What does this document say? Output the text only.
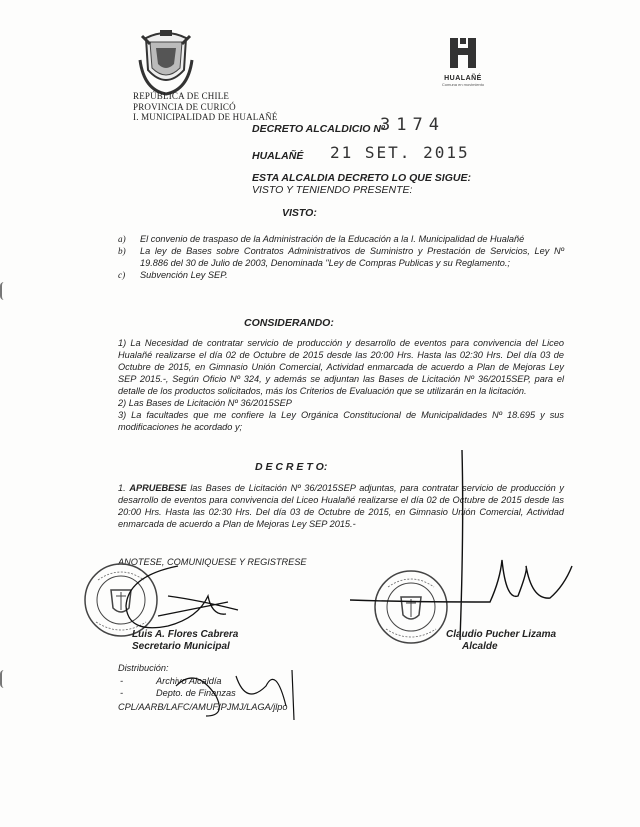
REPÚBLICA DE CHILE
PROVINCIA DE CURICÓ
I. MUNICIPALIDAD DE HUALAÑÉ
HUALAÑÉ
Comuna en movimiento
DECRETO ALCALDICIO Nº
3174
HUALAÑÉ 21 SET. 2015
ESTA ALCALDIA DECRETO LO QUE SIGUE:
VISTO Y TENIENDO PRESENTE:
VISTO:
a) El convenio de traspaso de la Administración de la Educación a la I. Municipalidad de Hualañé
b) La ley de Bases sobre Contratos Administrativos de Suministro y Prestación de Servicios, Ley Nº 19.886 del 30 de Julio de 2003, Denominada "Ley de Compras Publicas y su Reglamento.;
c) Subvención Ley SEP.
CONSIDERANDO:
1) La Necesidad de contratar servicio de producción y desarrollo de eventos para convivencia del Liceo Hualañé realizarse el día 02 de Octubre de 2015 desde las 20:00 Hrs. Hasta las 02:30 Hrs. Del día 03 de Octubre de 2015, en Gimnasio Unión Comercial, Actividad enmarcada de acuerdo a Plan de Mejoras Ley SEP 2015.-, Según Oficio Nº 324, y además se adjuntan las Bases de Licitación Nº 36/2015SEP, para el detalle de los productos solicitados, más los Criterios de Evaluación que se utilizarán en la licitación.
2) Las Bases de Licitación Nº 36/2015SEP
3) La facultades que me confiere la Ley Orgánica Constitucional de Municipalidades Nº 18.695 y sus modificaciones he acordado y;
D E C R E T O:
1. APRUEBESE las Bases de Licitación Nº 36/2015SEP adjuntas, para contratar servicio de producción y desarrollo de eventos para convivencia del Liceo Hualañé realizarse el día 02 de Octubre de 2015 desde las 20:00 Hrs. Hasta las 02:30 Hrs. Del día 03 de Octubre de 2015, en Gimnasio Unión Comercial, Actividad enmarcada de acuerdo a Plan de Mejoras Ley SEP 2015.-
ANOTESE, COMUNIQUESE Y REGISTRESE
Luis A. Flores Cabrera
Secretario Municipal
Claudio Pucher Lizama
Alcalde
Distribución:
-	Archivo Alcaldía
-	Depto. de Finanzas
CPL/AARB/LAFC/AMUF/PJMJ/LAGA/jlpo
